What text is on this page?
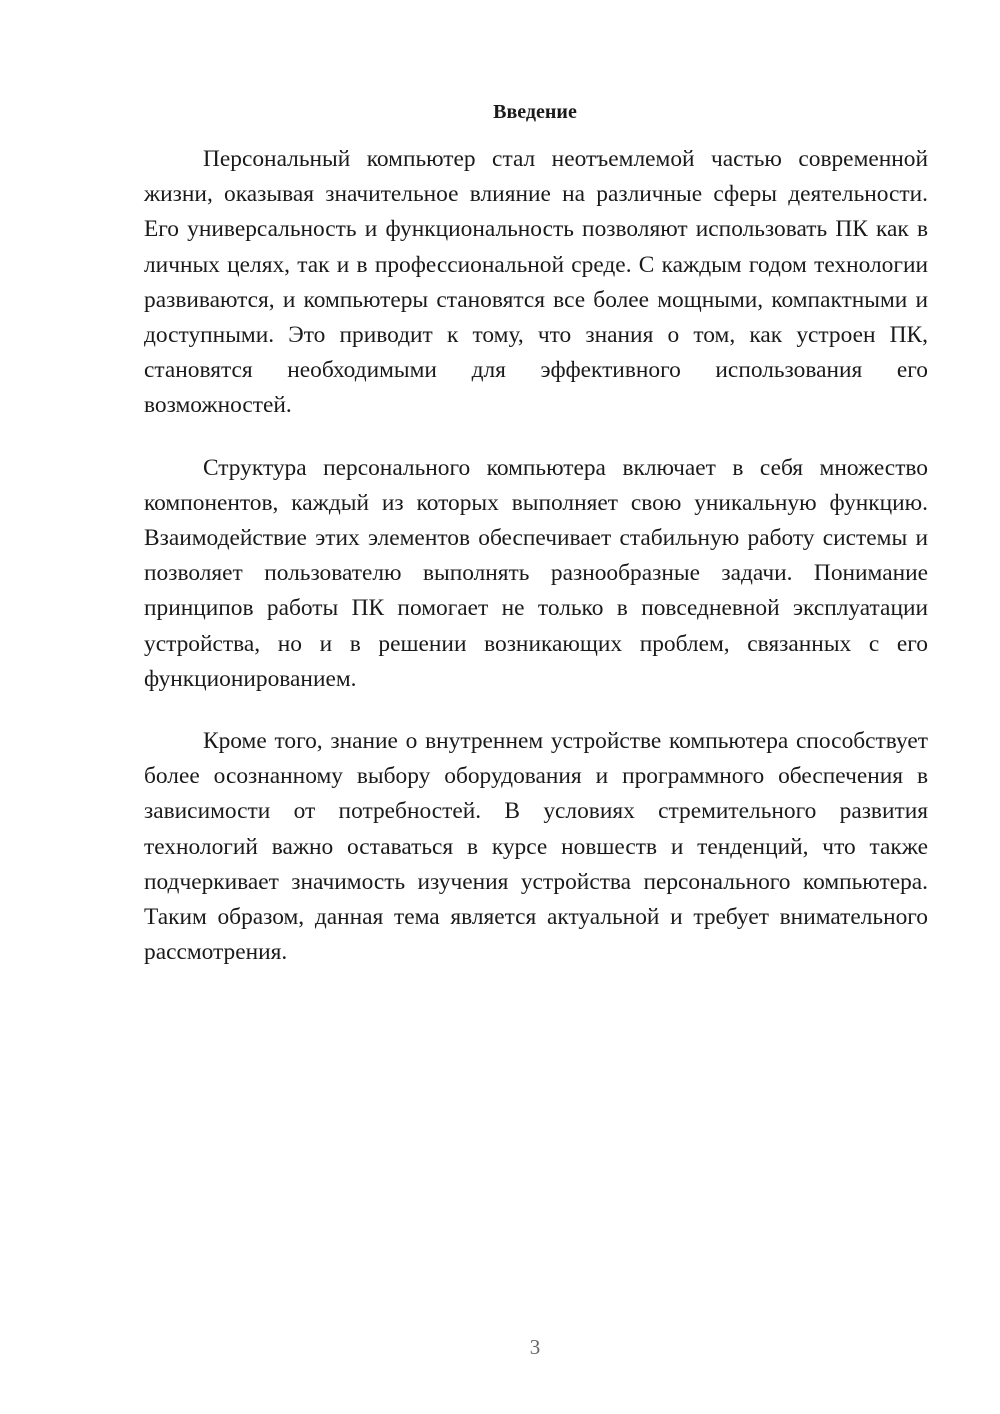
Введение

Персональный компьютер стал неотъемлемой частью современной жизни, оказывая значительное влияние на различные сферы деятельности. Его универсальность и функциональность позволяют использовать ПК как в личных целях, так и в профессиональной среде. С каждым годом технологии развиваются, и компьютеры становятся все более мощными, компактными и доступными. Это приводит к тому, что знания о том, как устроен ПК, становятся необходимыми для эффективного использования его возможностей.

Структура персонального компьютера включает в себя множество компонентов, каждый из которых выполняет свою уникальную функцию. Взаимодействие этих элементов обеспечивает стабильную работу системы и позволяет пользователю выполнять разнообразные задачи. Понимание принципов работы ПК помогает не только в повседневной эксплуатации устройства, но и в решении возникающих проблем, связанных с его функционированием.

Кроме того, знание о внутреннем устройстве компьютера способствует более осознанному выбору оборудования и программного обеспечения в зависимости от потребностей. В условиях стремительного развития технологий важно оставаться в курсе новшеств и тенденций, что также подчеркивает значимость изучения устройства персонального компьютера. Таким образом, данная тема является актуальной и требует внимательного рассмотрения.

3
